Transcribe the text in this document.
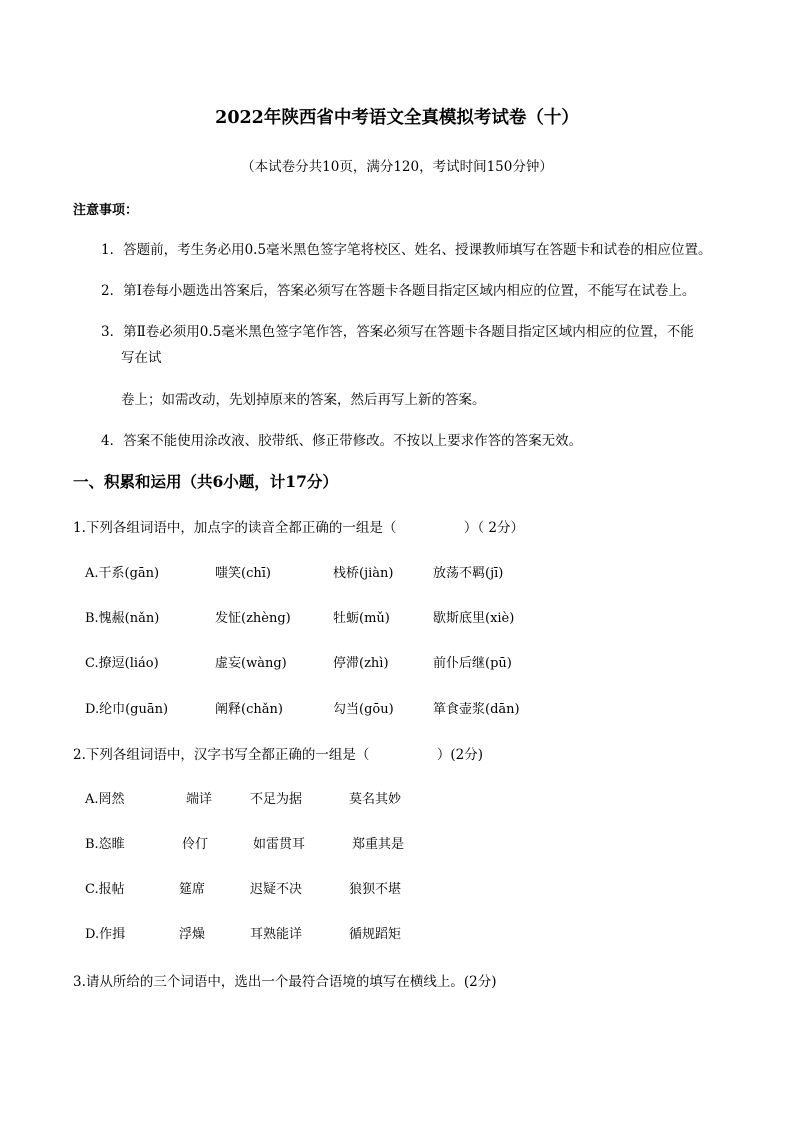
2022年陕西省中考语文全真模拟考试卷（十）
（本试卷分共10页，满分120，考试时间150分钟）
注意事项：
1．答题前，考生务必用0.5毫米黑色签字笔将校区、姓名、授课教师填写在答题卡和试卷的相应位置。
2．第Ⅰ卷每小题选出答案后，答案必须写在答题卡各题目指定区域内相应的位置，不能写在试卷上。
3．第Ⅱ卷必须用0.5毫米黑色签字笔作答，答案必须写在答题卡各题目指定区域内相应的位置，不能
写在试
卷上；如需改动，先划掉原来的答案，然后再写上新的答案。
4．答案不能使用涂改液、胶带纸、修正带修改。不按以上要求作答的答案无效。
一、积累和运用（共6小题，计17分）
1.下列各组词语中，加点字的读音全都正确的一组是（　　　　　）（ 2分）
A.干系(gān)	嗤笑(chī)	栈桥(jiàn)	放荡不羁(jī)
B.愧赧(nǎn)	发怔(zhèng)	牡蛎(mǔ)	歇斯底里(xiè)
C.撩逗(liáo)	虚妄(wàng)	停滞(zhì)	前仆后继(pū)
D.纶巾(guān)	阐释(chǎn)	勾当(gōu)	箪食壶浆(dān)
2.下列各组词语中，汉字书写全都正确的一组是（　　　　　）(2分)
A.罔然	端详	不足为据	莫名其妙
B.恣睢	伶仃	如雷贯耳	郑重其是
C.报帖	筵席	迟疑不决	狼狈不堪
D.作揖	浮燥	耳熟能详	循规蹈矩
3.请从所给的三个词语中，选出一个最符合语境的填写在横线上。(2分)
